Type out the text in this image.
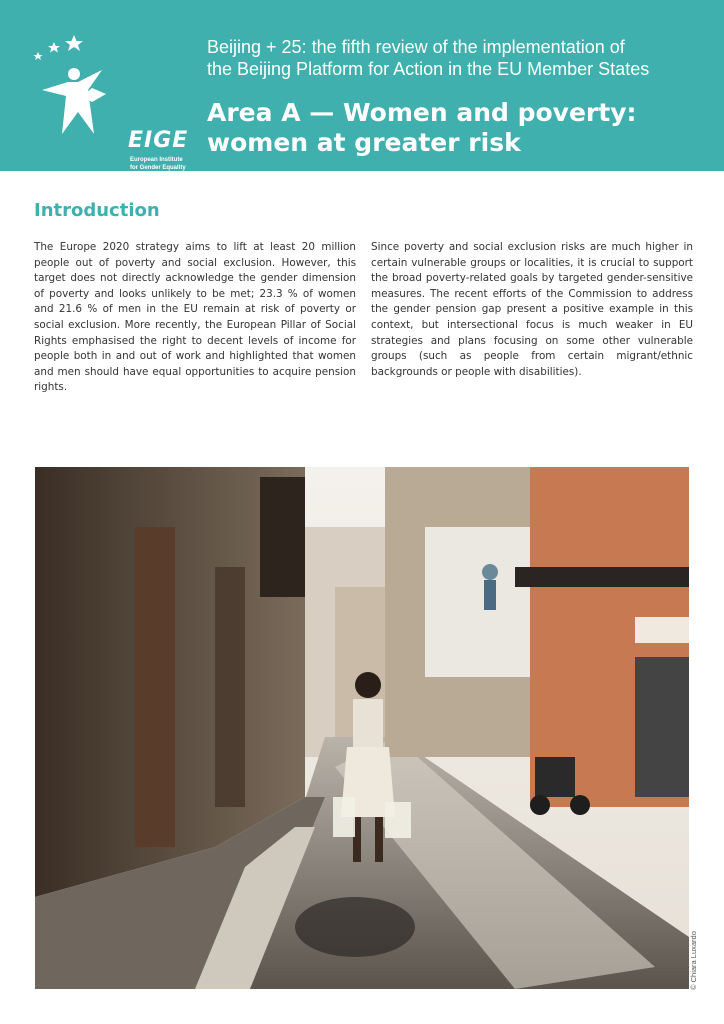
EIGE
European Institute
for Gender Equality
Beijing + 25: the fifth review of the implementation of
the Beijing Platform for Action in the EU Member States
Area A — Women and poverty:
women at greater risk
Introduction

The Europe 2020 strategy aims to lift at least 20 million people out of poverty and social exclusion. However, this target does not directly acknowledge the gender dimension of poverty and looks unlikely to be met; 23.3 % of women and 21.6 % of men in the EU remain at risk of poverty or social exclusion. More recently, the European Pillar of Social Rights emphasised the right to decent levels of income for people both in and out of work and highlighted that women and men should have equal opportunities to acquire pension rights.

Since poverty and social exclusion risks are much higher in certain vulnerable groups or localities, it is crucial to support the broad poverty-related goals by targeted gender-sensitive measures. The recent efforts of the Commission to address the gender pension gap present a positive example in this context, but intersectional focus is much weaker in EU strategies and plans focusing on some other vulnerable groups (such as people from certain migrant/ethnic backgrounds or people with disabilities).

© Chiara Luxardo
